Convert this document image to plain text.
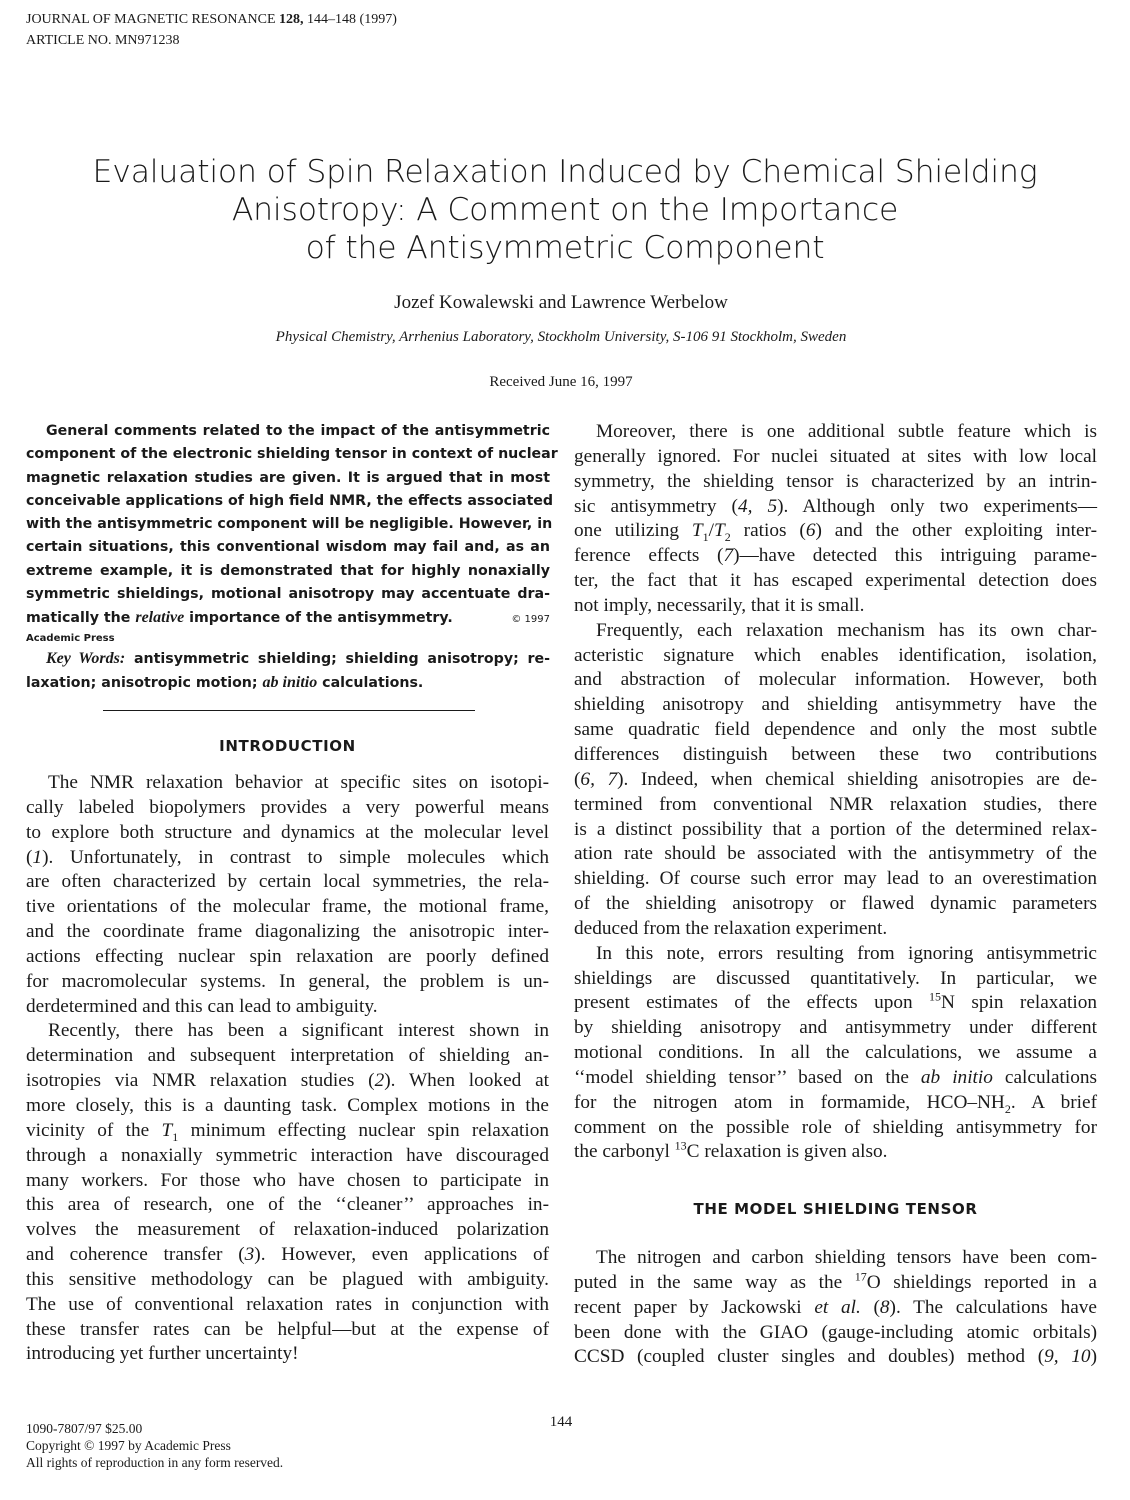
JOURNAL OF MAGNETIC RESONANCE 128, 144–148 (1997)
ARTICLE NO. MN971238
Evaluation of Spin Relaxation Induced by Chemical Shielding
Anisotropy: A Comment on the Importance
of the Antisymmetric Component
Jozef Kowalewski and Lawrence Werbelow
Physical Chemistry, Arrhenius Laboratory, Stockholm University, S-106 91 Stockholm, Sweden
Received June 16, 1997
General comments related to the impact of the antisymmetric
component of the electronic shielding tensor in context of nuclear
magnetic relaxation studies are given. It is argued that in most
conceivable applications of high field NMR, the effects associated
with the antisymmetric component will be negligible. However, in
certain situations, this conventional wisdom may fail and, as an
extreme example, it is demonstrated that for highly nonaxially
symmetric shieldings, motional anisotropy may accentuate dra-
matically the relative importance of the antisymmetry.	© 1997
Academic Press
Key Words: antisymmetric shielding; shielding anisotropy; re-
laxation; anisotropic motion; ab initio calculations.
INTRODUCTION
The NMR relaxation behavior at specific sites on isotopi-
cally labeled biopolymers provides a very powerful means
to explore both structure and dynamics at the molecular level
(1). Unfortunately, in contrast to simple molecules which
are often characterized by certain local symmetries, the rela-
tive orientations of the molecular frame, the motional frame,
and the coordinate frame diagonalizing the anisotropic inter-
actions effecting nuclear spin relaxation are poorly defined
for macromolecular systems. In general, the problem is un-
derdetermined and this can lead to ambiguity.
Recently, there has been a significant interest shown in
determination and subsequent interpretation of shielding an-
isotropies via NMR relaxation studies (2). When looked at
more closely, this is a daunting task. Complex motions in the
vicinity of the $T_1$ minimum effecting nuclear spin relaxation
through a nonaxially symmetric interaction have discouraged
many workers. For those who have chosen to participate in
this area of research, one of the ‘‘cleaner’’ approaches in-
volves the measurement of relaxation-induced polarization
and coherence transfer (3). However, even applications of
this sensitive methodology can be plagued with ambiguity.
The use of conventional relaxation rates in conjunction with
these transfer rates can be helpful—but at the expense of
introducing yet further uncertainty!
Moreover, there is one additional subtle feature which is
generally ignored. For nuclei situated at sites with low local
symmetry, the shielding tensor is characterized by an intrin-
sic antisymmetry (4, 5). Although only two experiments—
one utilizing $T_1/T_2$ ratios (6) and the other exploiting inter-
ference effects (7)—have detected this intriguing parame-
ter, the fact that it has escaped experimental detection does
not imply, necessarily, that it is small.
Frequently, each relaxation mechanism has its own char-
acteristic signature which enables identification, isolation,
and abstraction of molecular information. However, both
shielding anisotropy and shielding antisymmetry have the
same quadratic field dependence and only the most subtle
differences distinguish between these two contributions
(6, 7). Indeed, when chemical shielding anisotropies are de-
termined from conventional NMR relaxation studies, there
is a distinct possibility that a portion of the determined relax-
ation rate should be associated with the antisymmetry of the
shielding. Of course such error may lead to an overestimation
of the shielding anisotropy or flawed dynamic parameters
deduced from the relaxation experiment.
In this note, errors resulting from ignoring antisymmetric
shieldings are discussed quantitatively. In particular, we
present estimates of the effects upon $^{15}$N spin relaxation
by shielding anisotropy and antisymmetry under different
motional conditions. In all the calculations, we assume a
‘‘model shielding tensor’’ based on the ab initio calculations
for the nitrogen atom in formamide, HCO–$NH_2$. A brief
comment on the possible role of shielding antisymmetry for
the carbonyl $^{13}$C relaxation is given also.
THE MODEL SHIELDING TENSOR
The nitrogen and carbon shielding tensors have been com-
puted in the same way as the $^{17}$O shieldings reported in a
recent paper by Jackowski et al. (8). The calculations have
been done with the GIAO (gauge-including atomic orbitals)
CCSD (coupled cluster singles and doubles) method (9, 10)
1090-7807/97 $25.00
Copyright © 1997 by Academic Press
All rights of reproduction in any form reserved.
144
